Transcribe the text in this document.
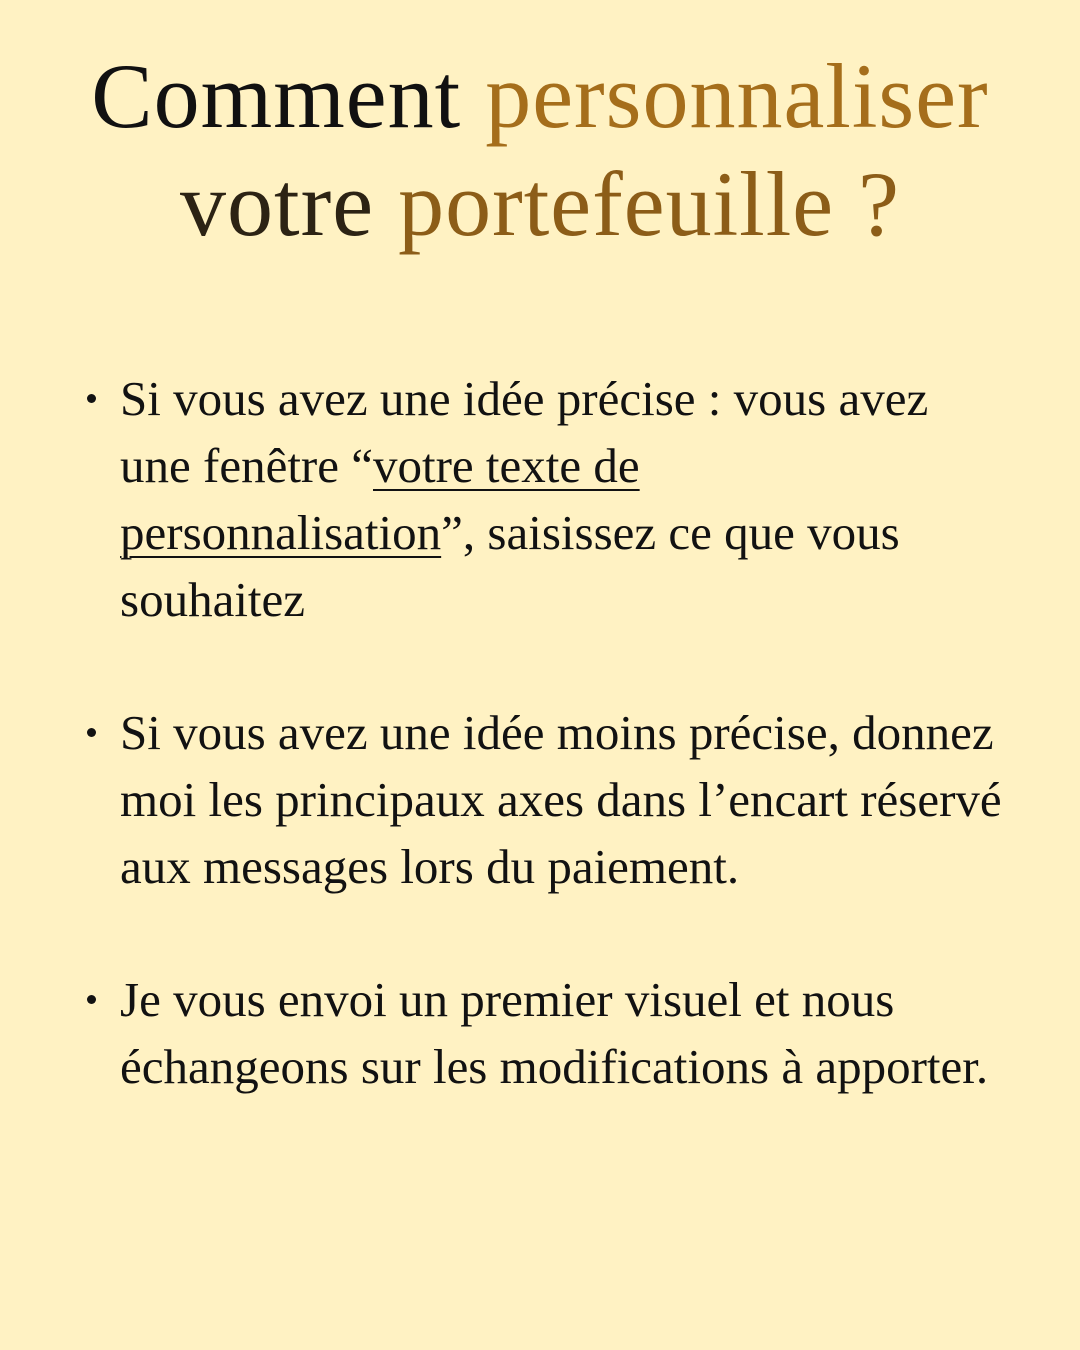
Comment personnaliser
votre portefeuille ?
Si vous avez une idée précise : vous avez une fenêtre “votre texte de personnalisation”, saisissez ce que vous souhaitez
Si vous avez une idée moins précise, donnez moi les principaux axes dans l’encart réservé aux messages lors du paiement.
Je vous envoi un premier visuel et nous échangeons sur les modifications à apporter.
